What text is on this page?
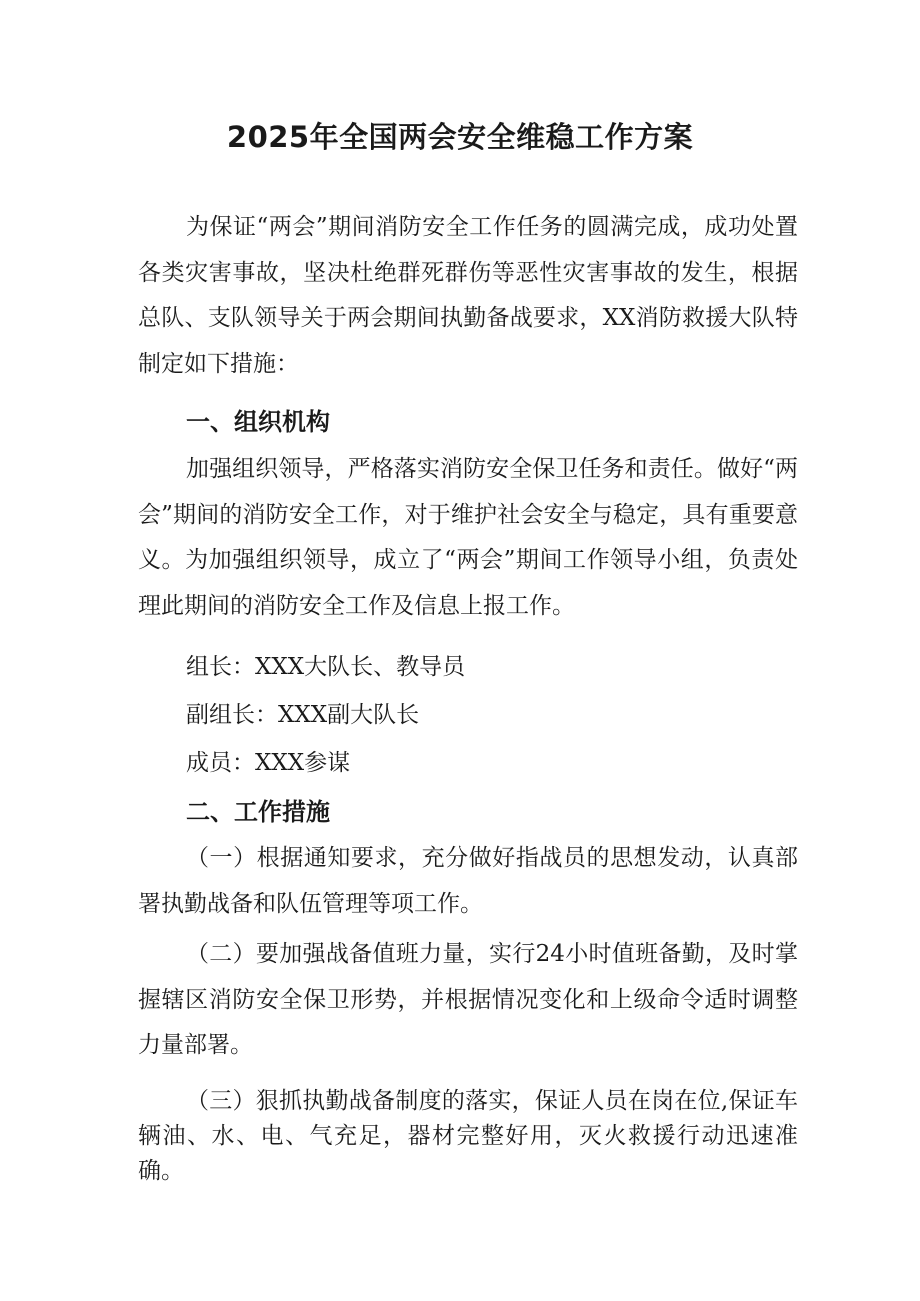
2025年全国两会安全维稳工作方案

为保证“两会”期间消防安全工作任务的圆满完成，成功处置各类灾害事故，坚决杜绝群死群伤等恶性灾害事故的发生，根据总队、支队领导关于两会期间执勤备战要求，XX消防救援大队特制定如下措施：

一、组织机构

加强组织领导，严格落实消防安全保卫任务和责任。做好“两会”期间的消防安全工作，对于维护社会安全与稳定，具有重要意义。为加强组织领导，成立了“两会”期间工作领导小组，负责处理此期间的消防安全工作及信息上报工作。

组长：XXX大队长、教导员
副组长：XXX副大队长
成员：XXX参谋
二、工作措施

（一）根据通知要求，充分做好指战员的思想发动，认真部署执勤战备和队伍管理等项工作。

（二）要加强战备值班力量，实行24小时值班备勤，及时掌握辖区消防安全保卫形势，并根据情况变化和上级命令适时调整力量部署。

（三）狠抓执勤战备制度的落实，保证人员在岗在位,保证车辆油、水、电、气充足，器材完整好用，灭火救援行动迅速准确。
